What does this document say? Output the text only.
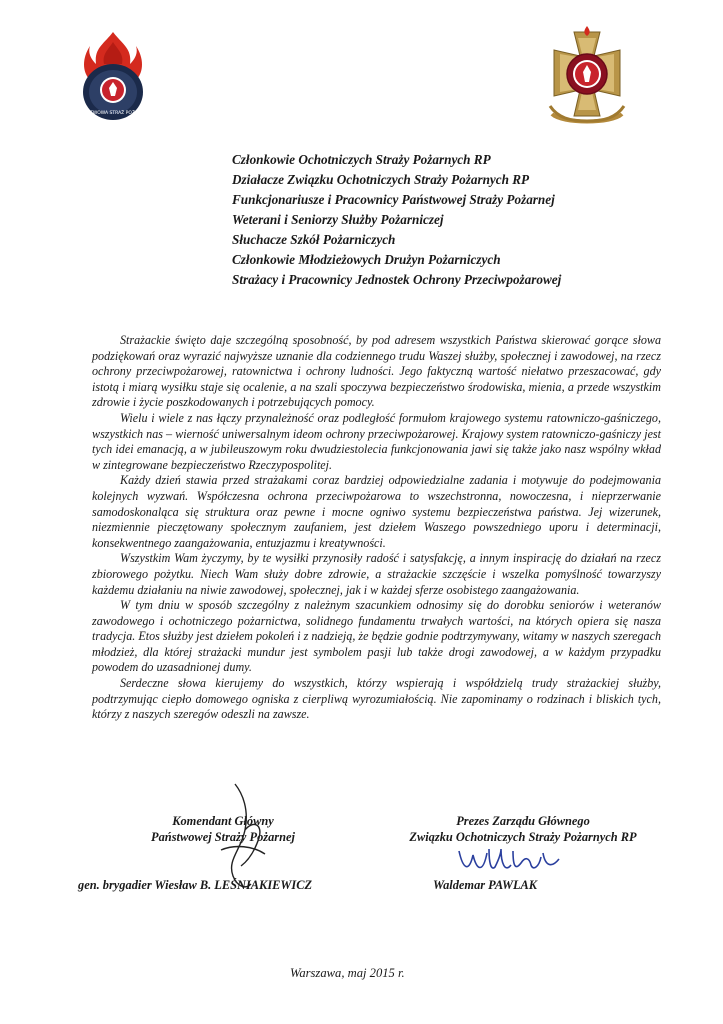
PAŃSTWOWA STRAŻ POŻARNA
Członkowie Ochotniczych Straży Pożarnych RP
Działacze Związku Ochotniczych Straży Pożarnych RP
Funkcjonariusze i Pracownicy Państwowej Straży Pożarnej
Weterani i Seniorzy Służby Pożarniczej
Słuchacze Szkół Pożarniczych
Członkowie Młodzieżowych Drużyn Pożarniczych
Strażacy i Pracownicy Jednostek Ochrony Przeciwpożarowej

Strażackie święto daje szczególną sposobność, by pod adresem wszystkich Państwa skierować gorące słowa podziękowań oraz wyrazić najwyższe uznanie dla codziennego trudu Waszej służby, społecznej i zawodowej, na rzecz ochrony przeciwpożarowej, ratownictwa i ochrony ludności. Jego faktyczną wartość niełatwo przeszacować, gdy istotą i miarą wysiłku staje się ocalenie, a na szali spoczywa bezpieczeństwo środowiska, mienia, a przede wszystkim zdrowie i życie poszkodowanych i potrzebujących pomocy.

Wielu i wiele z nas łączy przynależność oraz podległość formułom krajowego systemu ratowniczo-gaśniczego, wszystkich nas – wierność uniwersalnym ideom ochrony przeciwpożarowej. Krajowy system ratowniczo-gaśniczy jest tych idei emanacją, a w jubileuszowym roku dwudziestolecia funkcjonowania jawi się także jako nasz wspólny wkład w zintegrowane bezpieczeństwo Rzeczypospolitej.

Każdy dzień stawia przed strażakami coraz bardziej odpowiedzialne zadania i motywuje do podejmowania kolejnych wyzwań. Współczesna ochrona przeciwpożarowa to wszechstronna, nowoczesna, i nieprzerwanie samodoskonaląca się struktura oraz pewne i mocne ogniwo systemu bezpieczeństwa państwa. Jej wizerunek, niezmiennie pieczętowany społecznym zaufaniem, jest dziełem Waszego powszedniego uporu i determinacji, konsekwentnego zaangażowania, entuzjazmu i kreatywności.

Wszystkim Wam życzymy, by te wysiłki przynosiły radość i satysfakcję, a innym inspirację do działań na rzecz zbiorowego pożytku. Niech Wam służy dobre zdrowie, a strażackie szczęście i wszelka pomyślność towarzyszy każdemu działaniu na niwie zawodowej, społecznej, jak i w każdej sferze osobistego zaangażowania.

W tym dniu w sposób szczególny z należnym szacunkiem odnosimy się do dorobku seniorów i weteranów zawodowego i ochotniczego pożarnictwa, solidnego fundamentu trwałych wartości, na których opiera się nasza tradycja. Etos służby jest dziełem pokoleń i z nadzieją, że będzie godnie podtrzymywany, witamy w naszych szeregach młodzież, dla której strażacki mundur jest symbolem pasji lub także drogi zawodowej, a w każdym przypadku powodem do uzasadnionej dumy.

Serdeczne słowa kierujemy do wszystkich, którzy wspierają i współdzielą trudy strażackiej służby, podtrzymując ciepło domowego ogniska z cierpliwą wyrozumiałością. Nie zapominamy o rodzinach i bliskich tych, którzy z naszych szeregów odeszli na zawsze.

Komendant Główny
Państwowej Straży Pożarnej
Prezes Zarządu Głównego
Związku Ochotniczych Straży Pożarnych RP
gen. brygadier Wiesław B. LEŚNIAKIEWICZ	Waldemar PAWLAK
Warszawa, maj 2015 r.
